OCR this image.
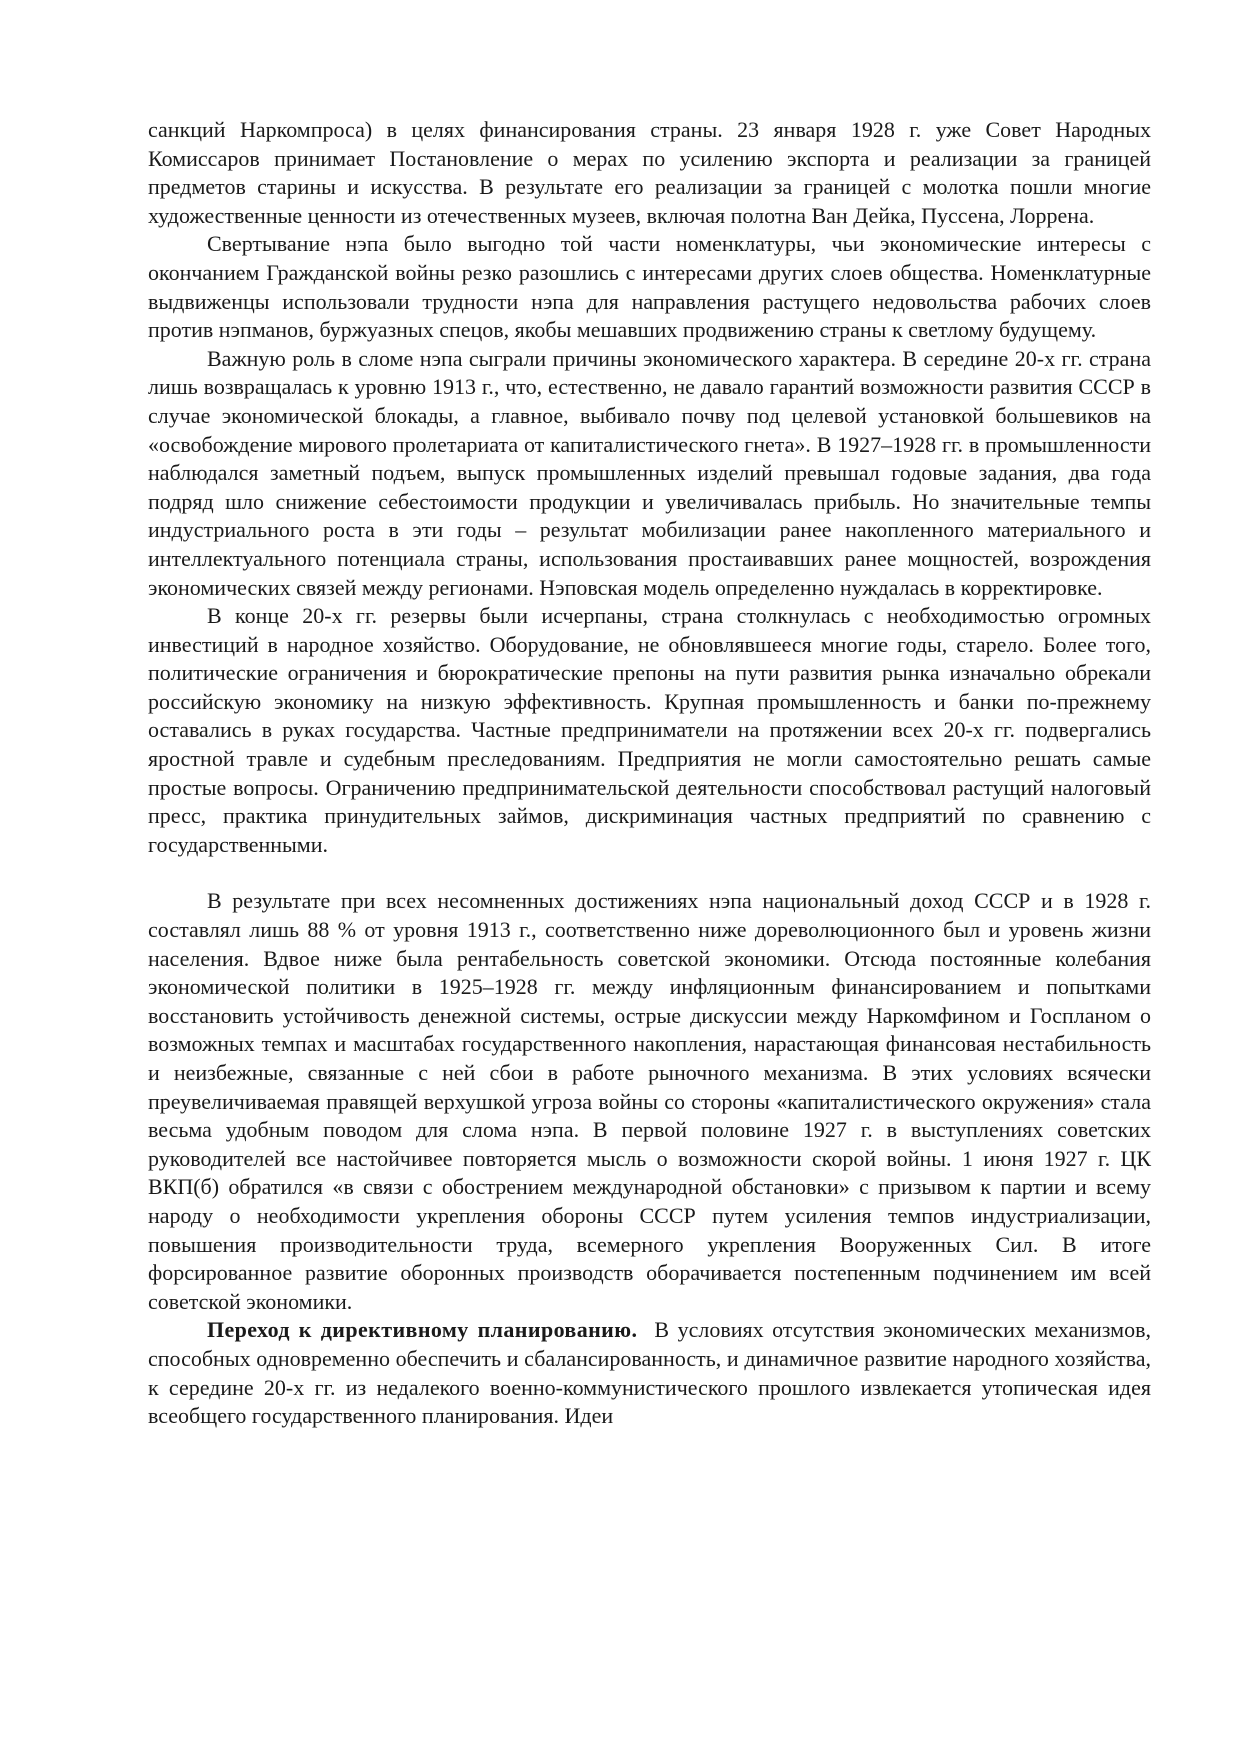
санкций Наркомпроса) в целях финансирования страны. 23 января 1928 г. уже Совет Народных Комиссаров принимает Постановление о мерах по усилению экспорта и реализации за границей предметов старины и искусства. В результате его реализации за границей с молотка пошли многие художественные ценности из отечественных музеев, включая полотна Ван Дейка, Пуссена, Лоррена.

Свертывание нэпа было выгодно той части номенклатуры, чьи экономические интересы с окончанием Гражданской войны резко разошлись с интересами других слоев общества. Номенклатурные выдвиженцы использовали трудности нэпа для направления растущего недовольства рабочих слоев против нэпманов, буржуазных спецов, якобы мешавших продвижению страны к светлому будущему.

Важную роль в сломе нэпа сыграли причины экономического характера. В середине 20-х гг. страна лишь возвращалась к уровню 1913 г., что, естественно, не давало гарантий возможности развития СССР в случае экономической блокады, а главное, выбивало почву под целевой установкой большевиков на «освобождение мирового пролетариата от капиталистического гнета». В 1927–1928 гг. в промышленности наблюдался заметный подъем, выпуск промышленных изделий превышал годовые задания, два года подряд шло снижение себестоимости продукции и увеличивалась прибыль. Но значительные темпы индустриального роста в эти годы – результат мобилизации ранее накопленного материального и интеллектуального потенциала страны, использования простаивавших ранее мощностей, возрождения экономических связей между регионами. Нэповская модель определенно нуждалась в корректировке.

В конце 20-х гг. резервы были исчерпаны, страна столкнулась с необходимостью огромных инвестиций в народное хозяйство. Оборудование, не обновлявшееся многие годы, старело. Более того, политические ограничения и бюрократические препоны на пути развития рынка изначально обрекали российскую экономику на низкую эффективность. Крупная промышленность и банки по-прежнему оставались в руках государства. Частные предприниматели на протяжении всех 20-х гг. подвергались яростной травле и судебным преследованиям. Предприятия не могли самостоятельно решать самые простые вопросы. Ограничению предпринимательской деятельности способствовал растущий налоговый пресс, практика принудительных займов, дискриминация частных предприятий по сравнению с государственными.

В результате при всех несомненных достижениях нэпа национальный доход СССР и в 1928 г. составлял лишь 88 % от уровня 1913 г., соответственно ниже дореволюционного был и уровень жизни населения. Вдвое ниже была рентабельность советской экономики. Отсюда постоянные колебания экономической политики в 1925–1928 гг. между инфляционным финансированием и попытками восстановить устойчивость денежной системы, острые дискуссии между Наркомфином и Госпланом о возможных темпах и масштабах государственного накопления, нарастающая финансовая нестабильность и неизбежные, связанные с ней сбои в работе рыночного механизма. В этих условиях всячески преувеличиваемая правящей верхушкой угроза войны со стороны «капиталистического окружения» стала весьма удобным поводом для слома нэпа. В первой половине 1927 г. в выступлениях советских руководителей все настойчивее повторяется мысль о возможности скорой войны. 1 июня 1927 г. ЦК ВКП(б) обратился «в связи с обострением международной обстановки» с призывом к партии и всему народу о необходимости укрепления обороны СССР путем усиления темпов индустриализации, повышения производительности труда, всемерного укрепления Вооруженных Сил. В итоге форсированное развитие оборонных производств оборачивается постепенным подчинением им всей советской экономики.

Переход к директивному планированию. В условиях отсутствия экономических механизмов, способных одновременно обеспечить и сбалансированность, и динамичное развитие народного хозяйства, к середине 20-х гг. из недалекого военно-коммунистического прошлого извлекается утопическая идея всеобщего государственного планирования. Идеи
